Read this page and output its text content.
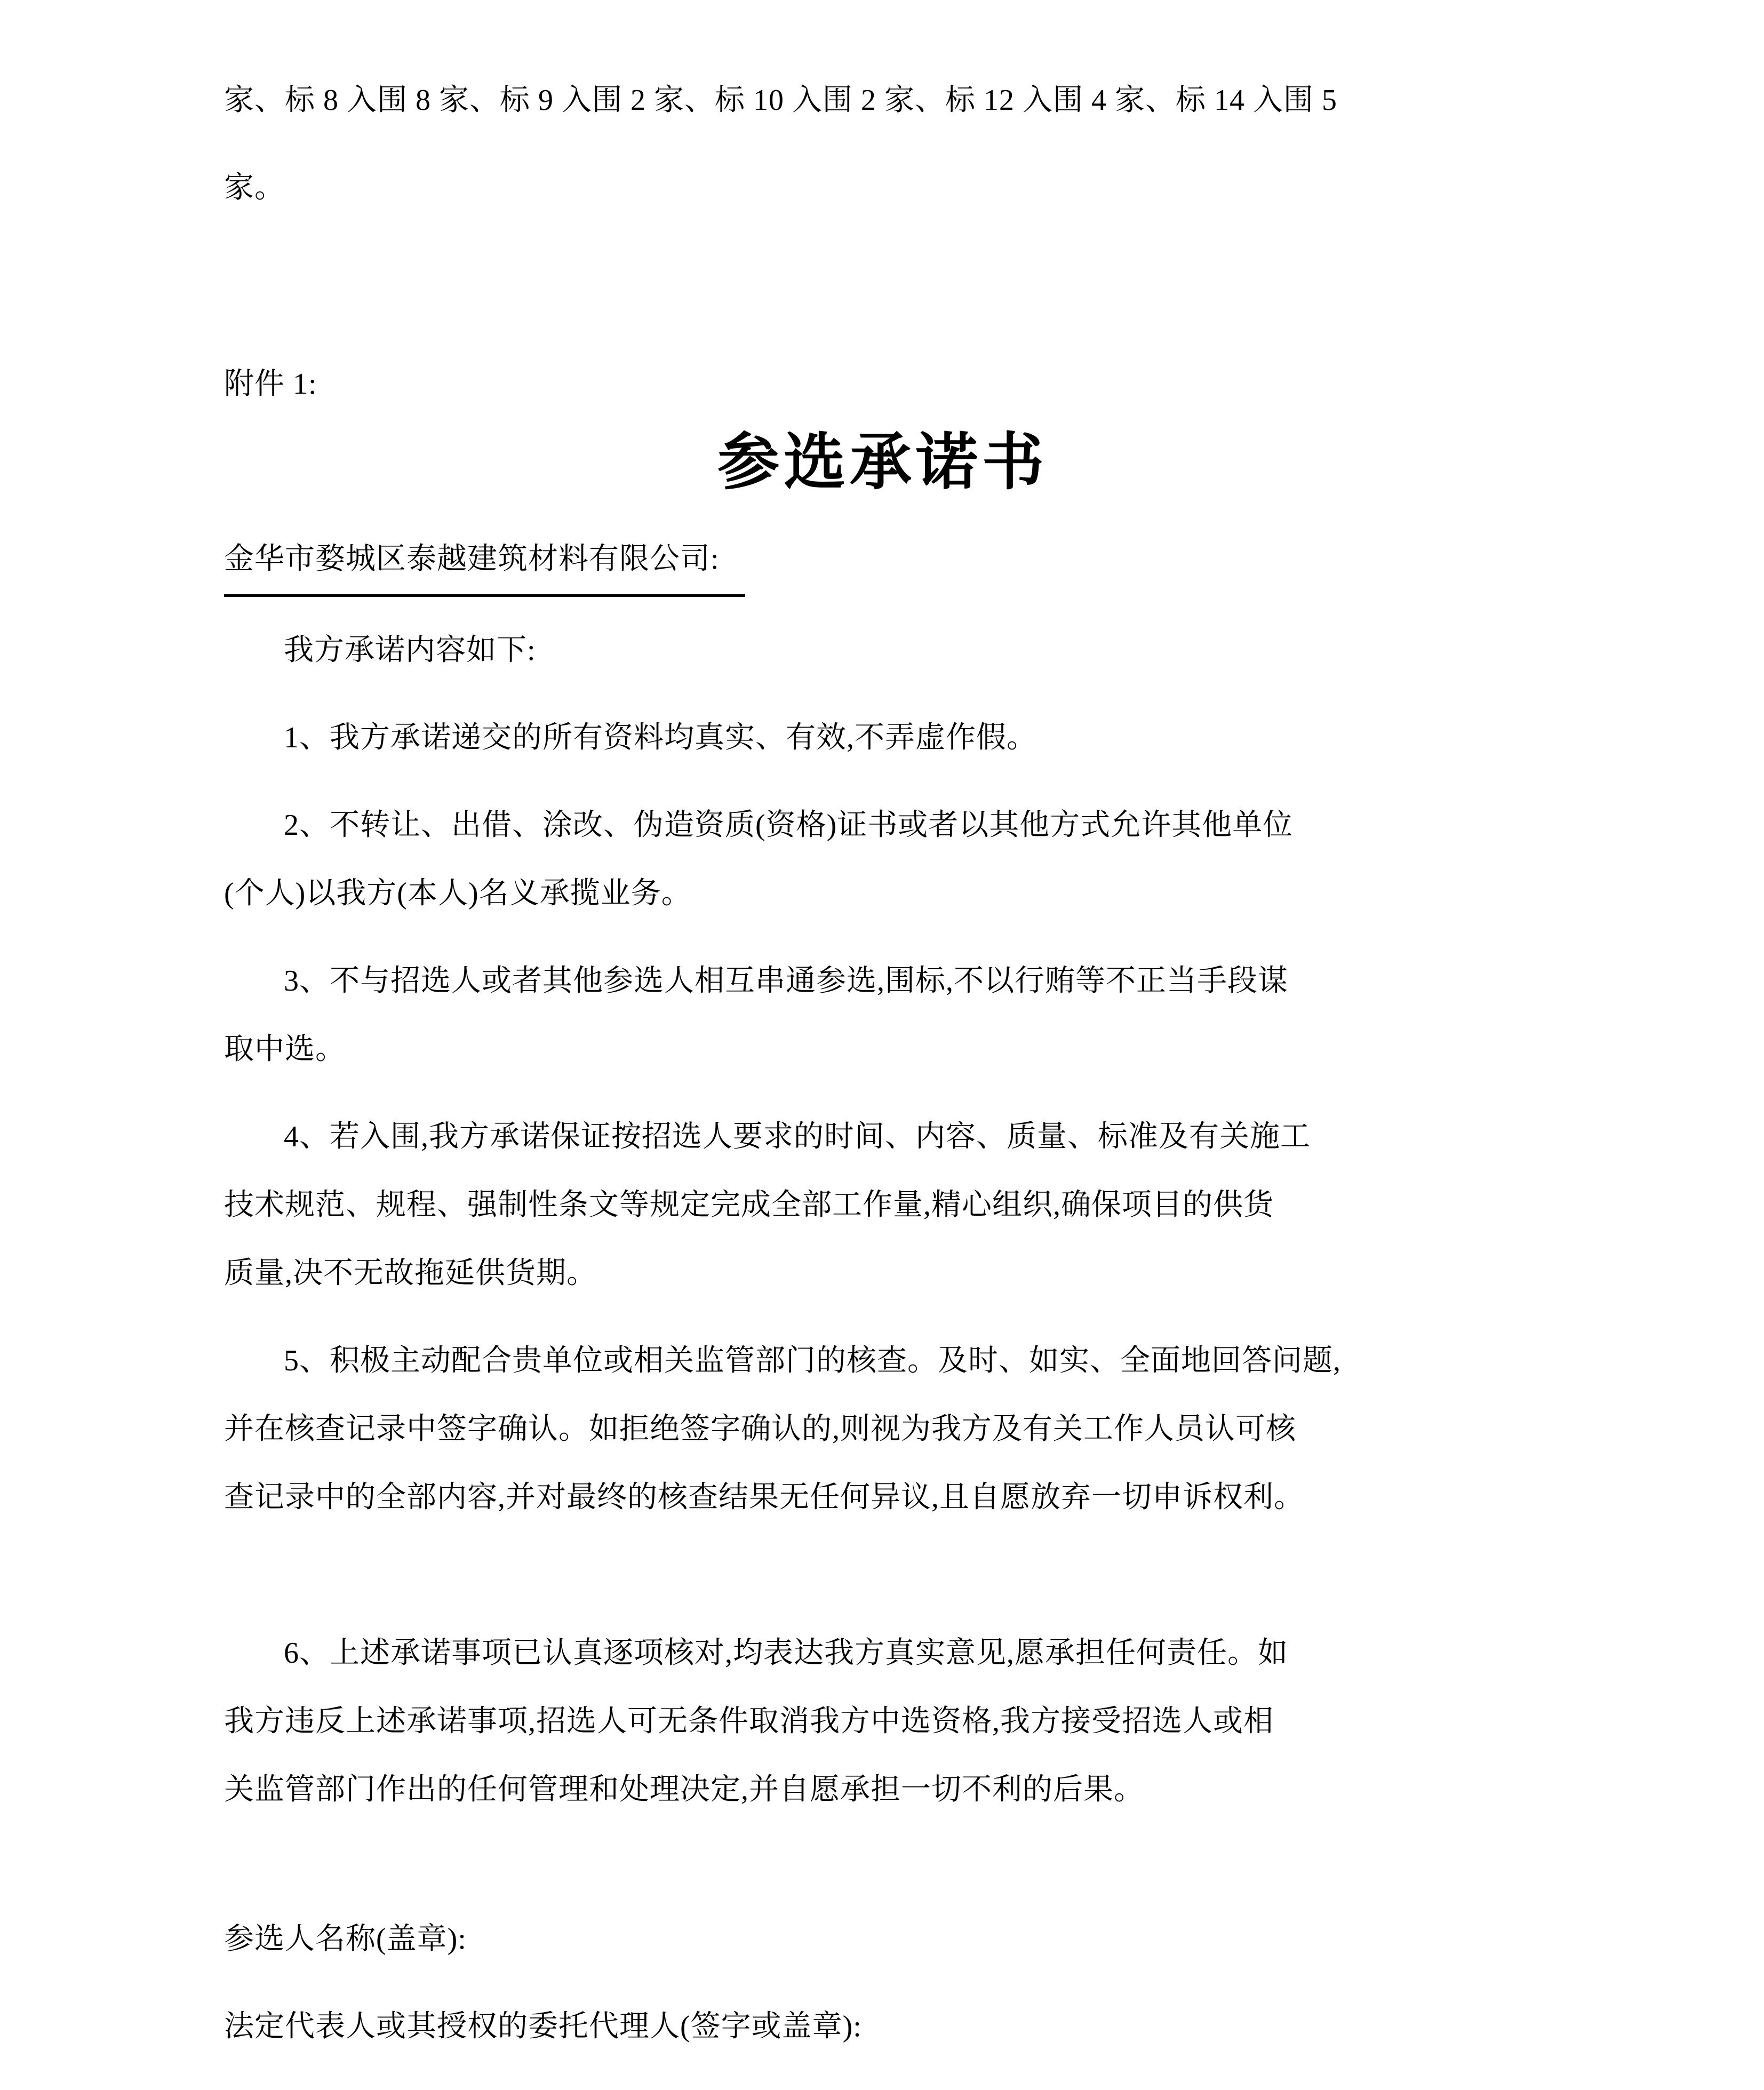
家、标 8 入围 8 家、标 9 入围 2 家、标 10 入围 2 家、标 12 入围 4 家、标 14 入围 5
家。
附件 1:
参选承诺书
金华市婺城区泰越建筑材料有限公司:
我方承诺内容如下:
1、我方承诺递交的所有资料均真实、有效,不弄虚作假。
2、不转让、出借、涂改、伪造资质(资格)证书或者以其他方式允许其他单位
(个人)以我方(本人)名义承揽业务。
3、不与招选人或者其他参选人相互串通参选,围标,不以行贿等不正当手段谋
取中选。
4、若入围,我方承诺保证按招选人要求的时间、内容、质量、标准及有关施工
技术规范、规程、强制性条文等规定完成全部工作量,精心组织,确保项目的供货
质量,决不无故拖延供货期。
5、积极主动配合贵单位或相关监管部门的核查。及时、如实、全面地回答问题,
并在核查记录中签字确认。如拒绝签字确认的,则视为我方及有关工作人员认可核
查记录中的全部内容,并对最终的核查结果无任何异议,且自愿放弃一切申诉权利。
6、上述承诺事项已认真逐项核对,均表达我方真实意见,愿承担任何责任。如
我方违反上述承诺事项,招选人可无条件取消我方中选资格,我方接受招选人或相
关监管部门作出的任何管理和处理决定,并自愿承担一切不利的后果。
参选人名称(盖章):
法定代表人或其授权的委托代理人(签字或盖章):
